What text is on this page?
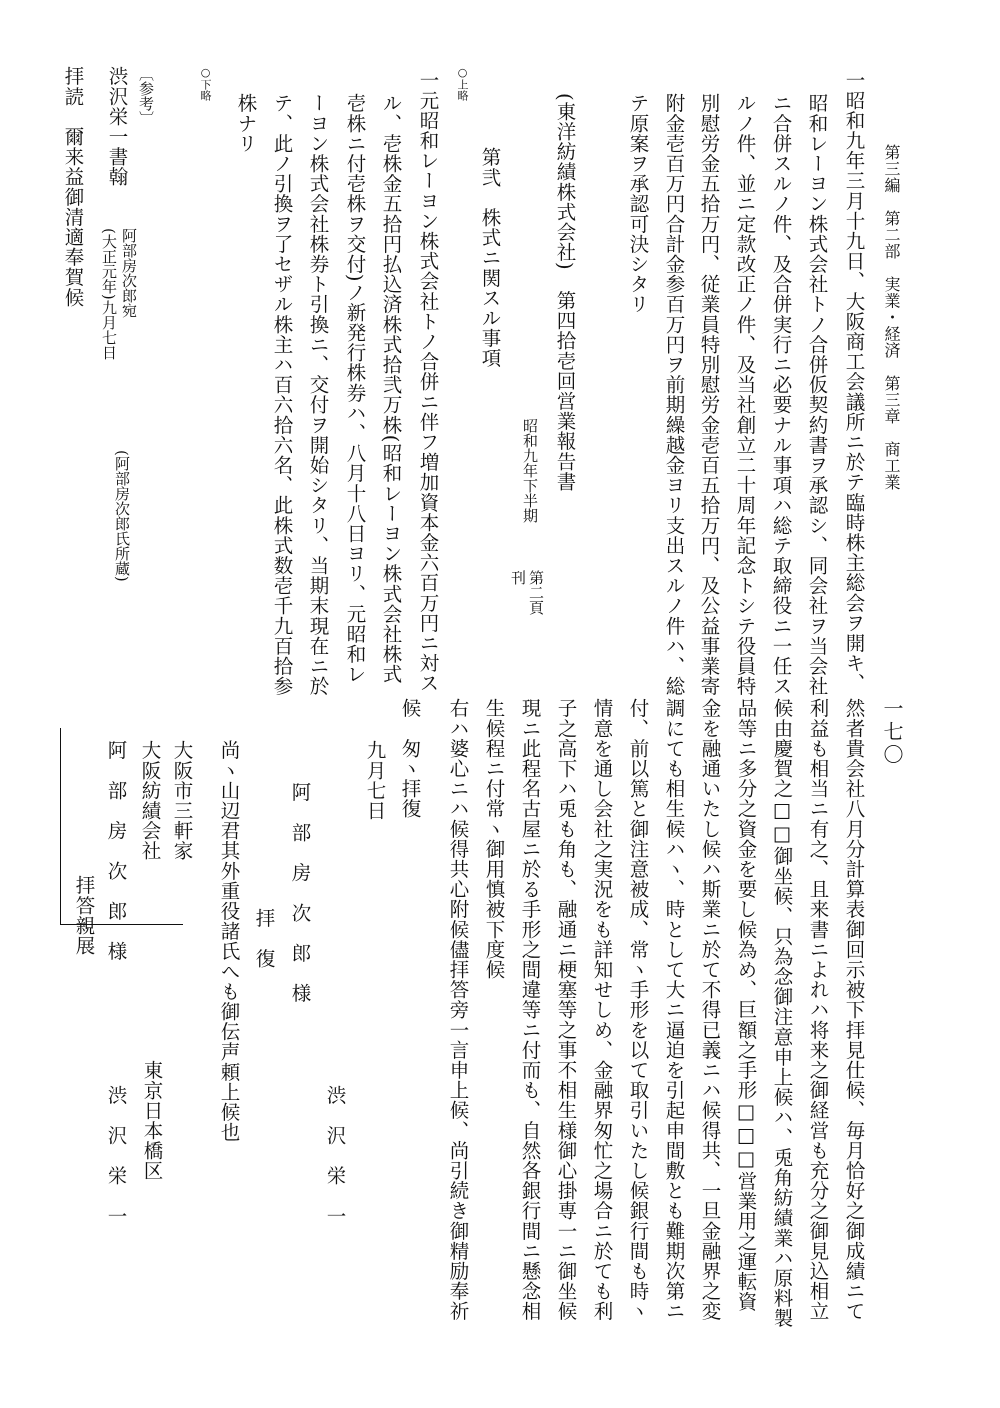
第三編　第二部　実業・経済　第三章　商工業
一七〇
一昭和九年三月十九日、大阪商工会議所ニ於テ臨時株主総会ヲ開キ、
昭和レーヨン株式会社トノ合併仮契約書ヲ承認シ、同会社ヲ当会社
ニ合併スルノ件、及合併実行ニ必要ナル事項ハ総テ取締役ニ一任ス
ルノ件、並ニ定款改正ノ件、及当社創立二十周年記念トシテ役員特
別慰労金五拾万円、従業員特別慰労金壱百五拾万円、及公益事業寄
附金壱百万円合計金参百万円ヲ前期繰越金ヨリ支出スルノ件ハ、総
テ原案ヲ承認可決シタリ
(東洋紡績株式会社)　第四拾壱回営業報告書
昭和九年下半期
第二頁
刊
第弐　株式ニ関スル事項
○上略
一元昭和レーヨン株式会社トノ合併ニ伴フ増加資本金六百万円ニ対ス
ル、壱株金五拾円払込済株式拾弐万株(昭和レーヨン株式会社株式
壱株ニ付壱株ヲ交付)ノ新発行株券ハ、八月十八日ヨリ、元昭和レ
ーヨン株式会社株券ト引換ニ、交付ヲ開始シタリ、当期末現在ニ於
テ、此ノ引換ヲ了セザル株主ハ百六拾六名、此株式数壱千九百拾参
株ナリ
○下略
〔参考〕
渋沢栄一書翰
阿部房次郎宛
(大正元年)九月七日
(阿部房次郎氏所蔵)
拝読　爾来益御清適奉賀候
然者貴会社八月分計算表御回示被下拝見仕候、毎月恰好之御成績ニて
利益も相当ニ有之、且来書ニよれハ将来之御経営も充分之御見込相立
候由慶賀之□□御坐候、只為念御注意申上候ハ、兎角紡績業ハ原料製
品等ニ多分之資金を要し候為め、巨額之手形□□□営業用之運転資
金を融通いたし候ハ斯業ニ於て不得已義ニハ候得共、一旦金融界之変
調にても相生候ハヽ、時として大ニ逼迫を引起申間敷とも難期次第ニ
付、前以篤と御注意被成、常ヽ手形を以て取引いたし候銀行間も時ヽ
情意を通し会社之実況をも詳知せしめ、金融界匆忙之場合ニ於ても利
子之高下ハ兎も角も、融通ニ梗塞等之事不相生様御心掛専一ニ御坐候
現ニ此程名古屋ニ於る手形之間違等ニ付而も、自然各銀行間ニ懸念相
生候程ニ付常ヽ御用慎被下度候
右ハ婆心ニハ候得共心附候儘拝答旁一言申上候、尚引続き御精励奉祈
候　匆ヽ拝復
九月七日
渋　沢　栄　一
阿　部　房　次　郎　様
拝　復
尚ヽ山辺君其外重役諸氏へも御伝声頼上候也
東京日本橋区
渋　沢　栄　一
大阪市三軒家
大阪紡績会社
阿　部　房　次　郎　様
拝答親展
